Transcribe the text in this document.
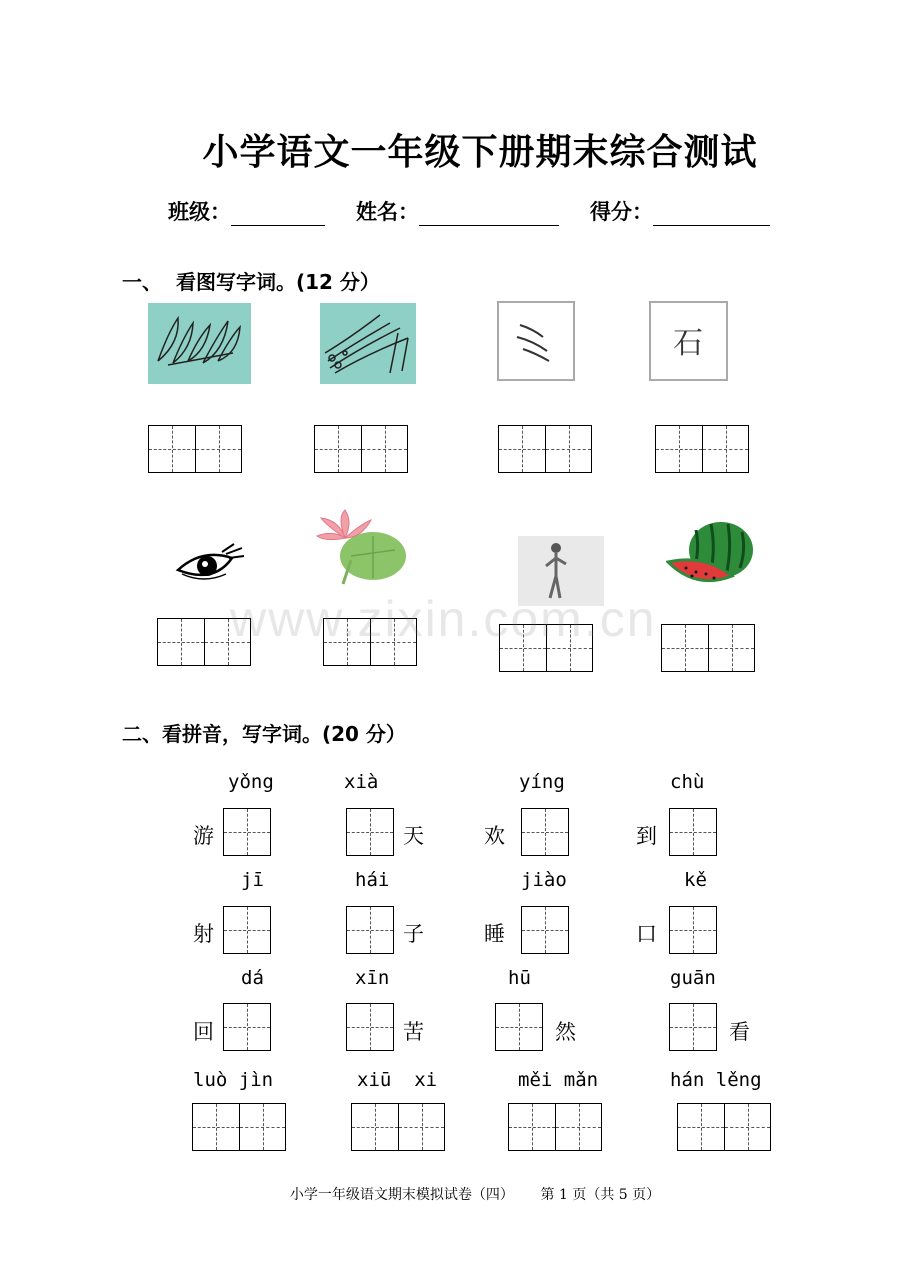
小学语文一年级下册期末综合测试
班级：	姓名：	得分：
一、 看图写字词。(12 分）
石
www.zixin.com.cn
二、看拼音，写字词。(20 分）
yǒng	xià	yíng	chù
游	天	欢	到
jī	hái	jiào	kě
射	子	睡	口
dá	xīn	hū	guān
回	苦	然	看
luò jìn	xiū  xi	měi mǎn	hán lěng
小学一年级语文期末模拟试卷（四）      第 1 页（共 5 页）
